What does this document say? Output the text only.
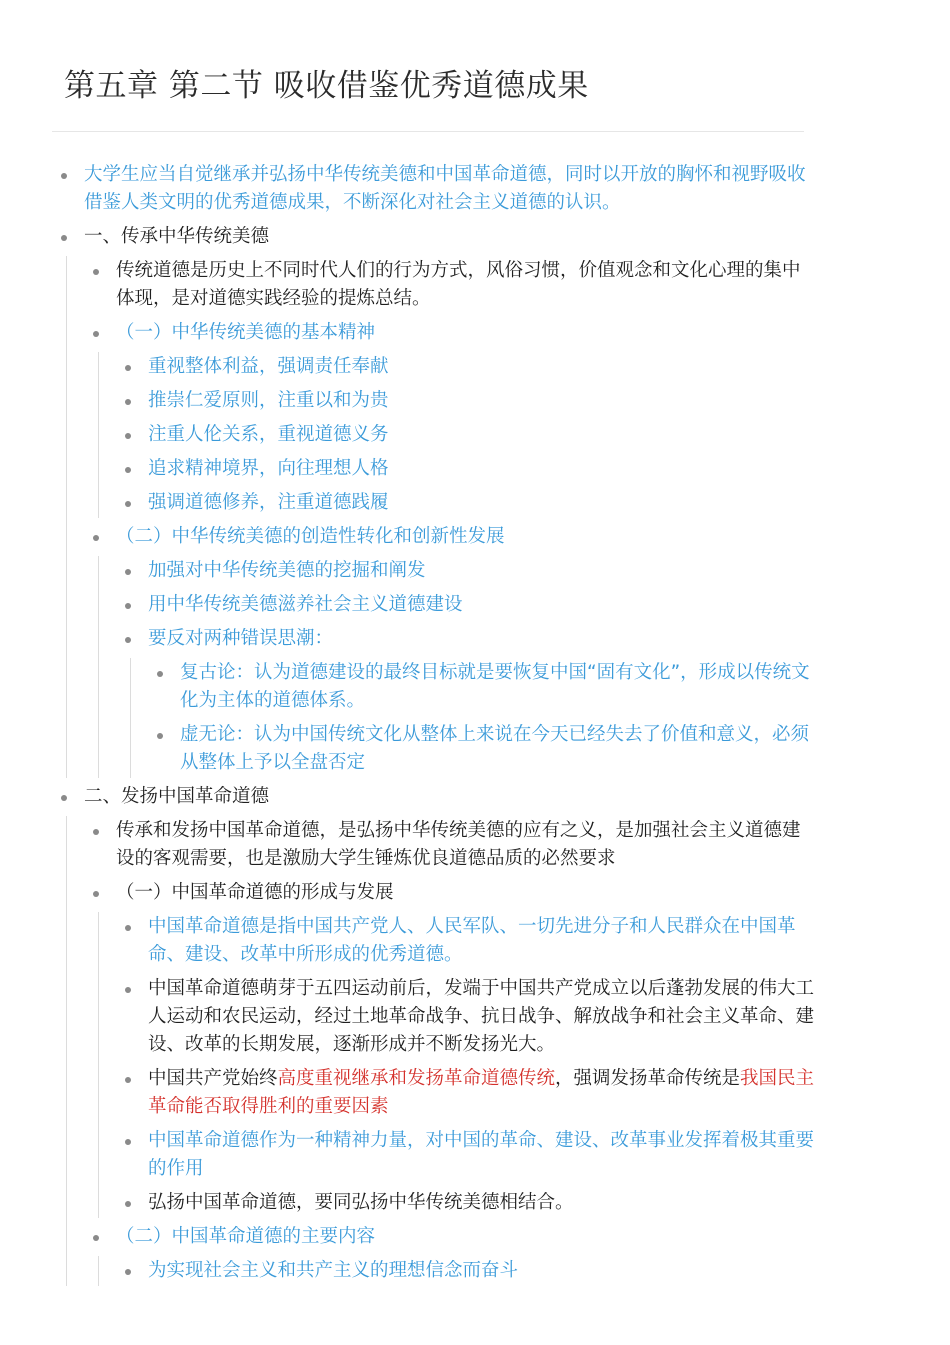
第五章 第二节 吸收借鉴优秀道德成果
大学生应当自觉继承并弘扬中华传统美德和中国革命道德，同时以开放的胸怀和视野吸收借鉴人类文明的优秀道德成果，不断深化对社会主义道德的认识。
一、传承中华传统美德
传统道德是历史上不同时代人们的行为方式，风俗习惯，价值观念和文化心理的集中体现，是对道德实践经验的提炼总结。
（一）中华传统美德的基本精神
重视整体利益，强调责任奉献
推崇仁爱原则，注重以和为贵
注重人伦关系，重视道德义务
追求精神境界，向往理想人格
强调道德修养，注重道德践履
（二）中华传统美德的创造性转化和创新性发展
加强对中华传统美德的挖掘和阐发
用中华传统美德滋养社会主义道德建设
要反对两种错误思潮：
复古论：认为道德建设的最终目标就是要恢复中国“固有文化”，形成以传统文化为主体的道德体系。
虚无论：认为中国传统文化从整体上来说在今天已经失去了价值和意义，必须从整体上予以全盘否定
二、发扬中国革命道德
传承和发扬中国革命道德，是弘扬中华传统美德的应有之义，是加强社会主义道德建设的客观需要，也是激励大学生锤炼优良道德品质的必然要求
（一）中国革命道德的形成与发展
中国革命道德是指中国共产党人、人民军队、一切先进分子和人民群众在中国革命、建设、改革中所形成的优秀道德。
中国革命道德萌芽于五四运动前后，发端于中国共产党成立以后蓬勃发展的伟大工人运动和农民运动，经过土地革命战争、抗日战争、解放战争和社会主义革命、建设、改革的长期发展，逐渐形成并不断发扬光大。
中国共产党始终高度重视继承和发扬革命道德传统，强调发扬革命传统是我国民主革命能否取得胜利的重要因素
中国革命道德作为一种精神力量，对中国的革命、建设、改革事业发挥着极其重要的作用
弘扬中国革命道德，要同弘扬中华传统美德相结合。
（二）中国革命道德的主要内容
为实现社会主义和共产主义的理想信念而奋斗
